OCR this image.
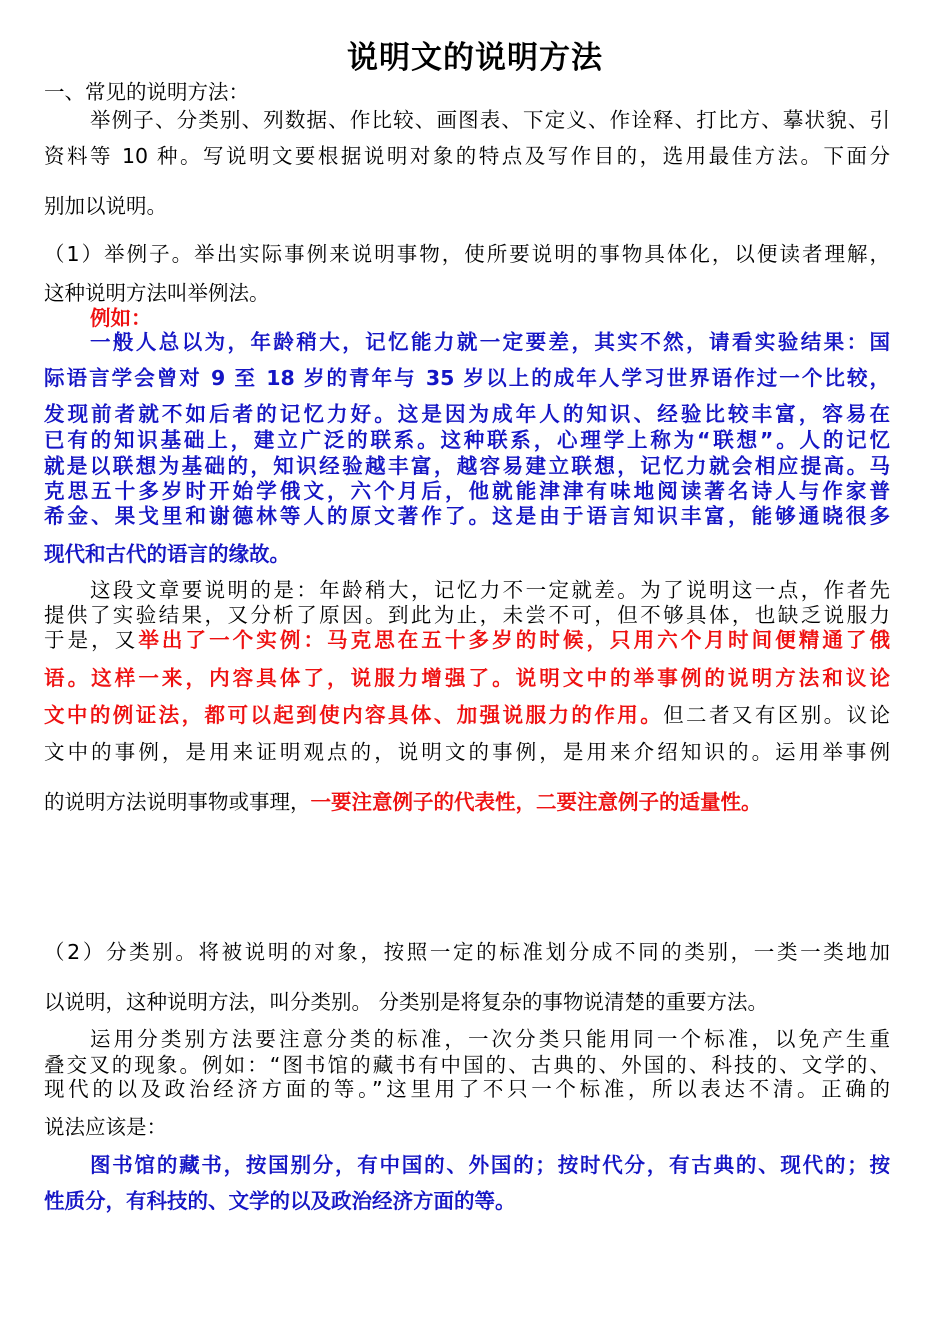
说明文的说明方法
一、常见的说明方法：
举例子、分类别、列数据、作比较、画图表、下定义、作诠释、打比方、摹状貌、引
资料等 10 种。写说明文要根据说明对象的特点及写作目的，选用最佳方法。下面分
别加以说明。
（1）举例子。举出实际事例来说明事物，使所要说明的事物具体化，以便读者理解，
这种说明方法叫举例法。
例如：
一般人总以为，年龄稍大，记忆能力就一定要差，其实不然，请看实验结果：国
际语言学会曾对 9 至 18 岁的青年与 35 岁以上的成年人学习世界语作过一个比较，
发现前者就不如后者的记忆力好。这是因为成年人的知识、经验比较丰富，容易在
已有的知识基础上，建立广泛的联系。这种联系，心理学上称为“联想”。人的记忆
就是以联想为基础的，知识经验越丰富，越容易建立联想，记忆力就会相应提高。马
克思五十多岁时开始学俄文，六个月后，他就能津津有味地阅读著名诗人与作家普
希金、果戈里和谢德林等人的原文著作了。这是由于语言知识丰富，能够通晓很多
现代和古代的语言的缘故。
这段文章要说明的是：年龄稍大，记忆力不一定就差。为了说明这一点，作者先
提供了实验结果，又分析了原因。到此为止，未尝不可，但不够具体，也缺乏说服力
于是，又举出了一个实例：马克思在五十多岁的时候，只用六个月时间便精通了俄
语。这样一来，内容具体了，说服力增强了。说明文中的举事例的说明方法和议论
文中的例证法，都可以起到使内容具体、加强说服力的作用。但二者又有区别。议论
文中的事例，是用来证明观点的，说明文的事例，是用来介绍知识的。运用举事例
的说明方法说明事物或事理，一要注意例子的代表性，二要注意例子的适量性。
（2）分类别。将被说明的对象，按照一定的标准划分成不同的类别，一类一类地加
以说明，这种说明方法，叫分类别。 分类别是将复杂的事物说清楚的重要方法。
运用分类别方法要注意分类的标准，一次分类只能用同一个标准，以免产生重
叠交叉的现象。例如：“图书馆的藏书有中国的、古典的、外国的、科技的、文学的、
现代的以及政治经济方面的等。”这里用了不只一个标准，所以表达不清。正确的
说法应该是：
图书馆的藏书，按国别分，有中国的、外国的；按时代分，有古典的、现代的；按
性质分，有科技的、文学的以及政治经济方面的等。
